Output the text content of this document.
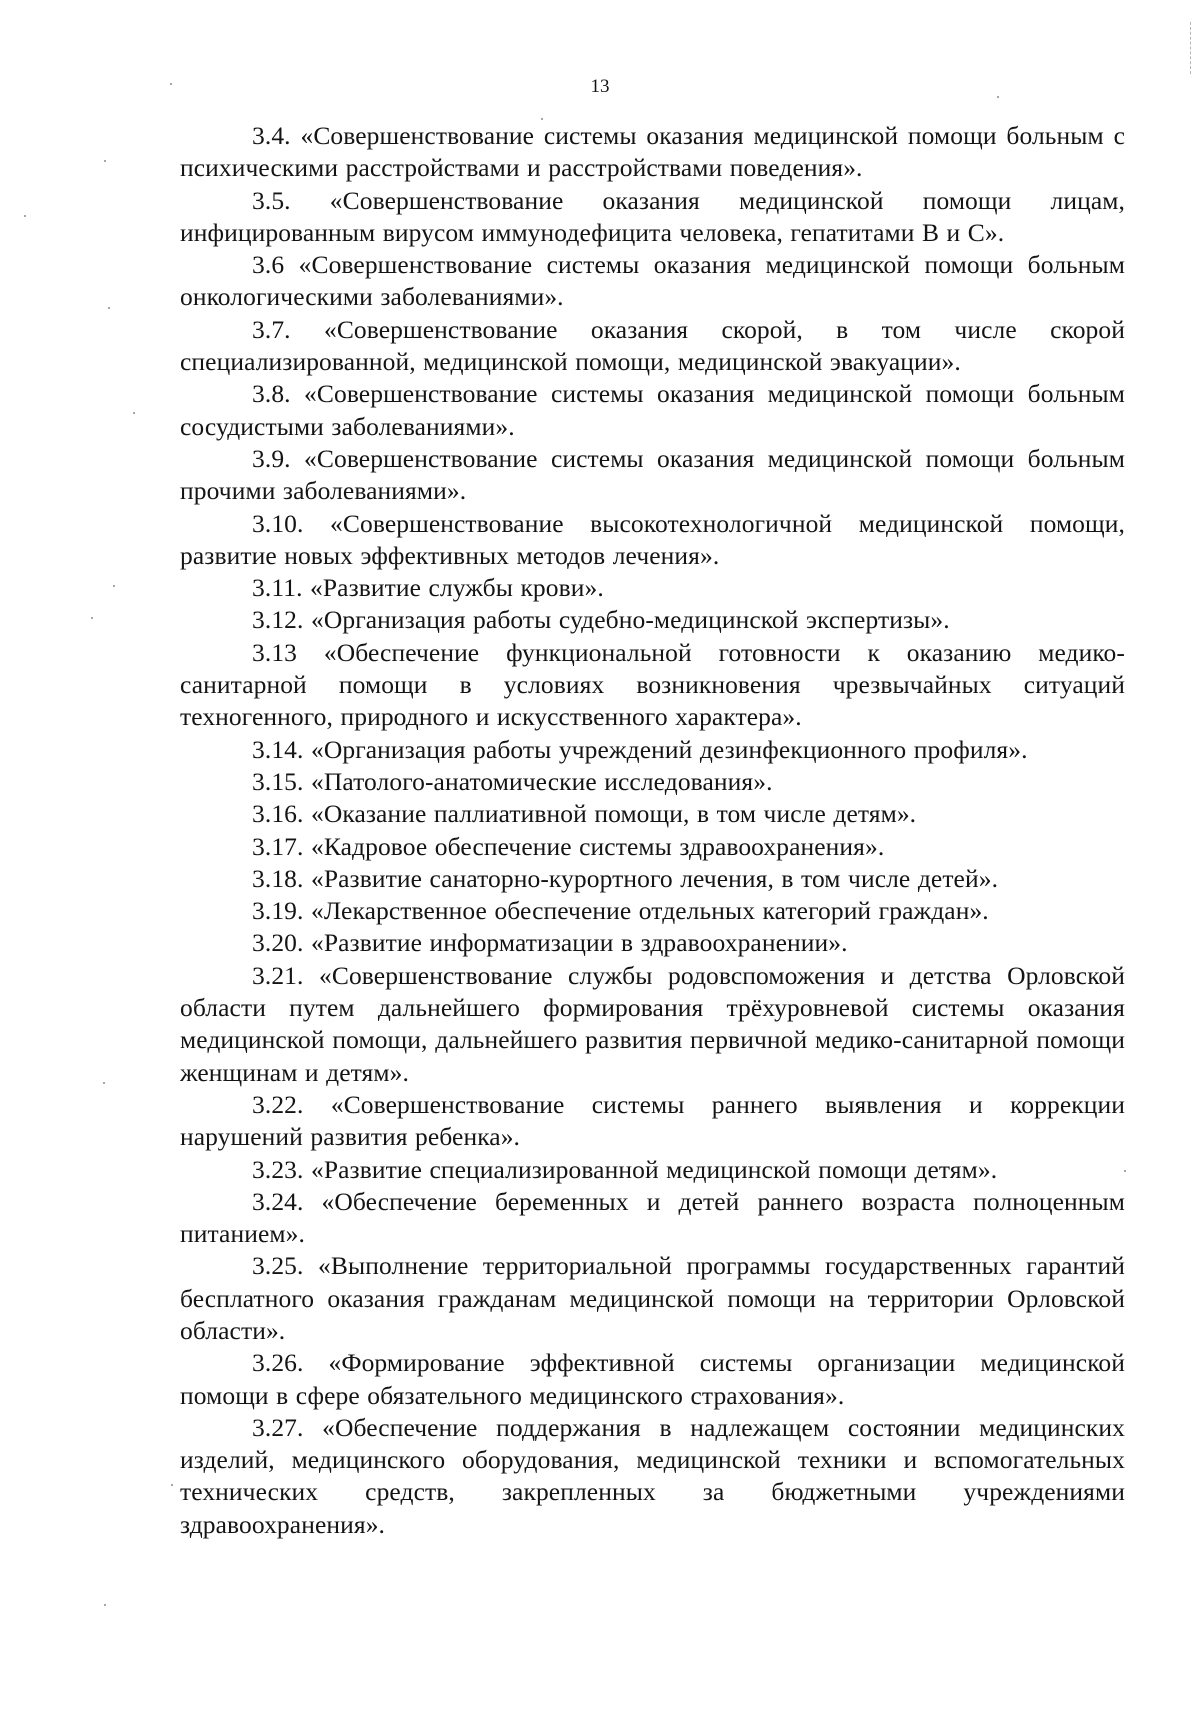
13

3.4. «Совершенствование системы оказания медицинской помощи больным с психическими расстройствами и расстройствами поведения».

3.5. «Совершенствование оказания медицинской помощи лицам, инфицированным вирусом иммунодефицита человека, гепатитами В и С».

3.6 «Совершенствование системы оказания медицинской помощи больным онкологическими заболеваниями».

3.7. «Совершенствование оказания скорой, в том числе скорой специализированной, медицинской помощи, медицинской эвакуации».

3.8. «Совершенствование системы оказания медицинской помощи больным сосудистыми заболеваниями».

3.9. «Совершенствование системы оказания медицинской помощи больным прочими заболеваниями».

3.10. «Совершенствование высокотехнологичной медицинской помощи, развитие новых эффективных методов лечения».

3.11. «Развитие службы крови».

3.12. «Организация работы судебно-медицинской экспертизы».

3.13 «Обеспечение функциональной готовности к оказанию медико-санитарной помощи в условиях возникновения чрезвычайных ситуаций техногенного, природного и искусственного характера».

3.14. «Организация работы учреждений дезинфекционного профиля».

3.15. «Патолого-анатомические исследования».

3.16. «Оказание паллиативной помощи, в том числе детям».

3.17. «Кадровое обеспечение системы здравоохранения».

3.18. «Развитие санаторно-курортного лечения, в том числе детей».

3.19. «Лекарственное обеспечение отдельных категорий граждан».

3.20. «Развитие информатизации в здравоохранении».

3.21. «Совершенствование службы родовспоможения и детства Орловской области путем дальнейшего формирования трёхуровневой системы оказания медицинской помощи, дальнейшего развития первичной медико-санитарной помощи женщинам и детям».

3.22. «Совершенствование системы раннего выявления и коррекции нарушений развития ребенка».

3.23. «Развитие специализированной медицинской помощи детям».

3.24. «Обеспечение беременных и детей раннего возраста полноценным питанием».

3.25. «Выполнение территориальной программы государственных гарантий бесплатного оказания гражданам медицинской помощи на территории Орловской области».

3.26. «Формирование эффективной системы организации медицинской помощи в сфере обязательного медицинского страхования».

3.27. «Обеспечение поддержания в надлежащем состоянии медицинских изделий, медицинского оборудования, медицинской техники и вспомогательных технических средств, закрепленных за бюджетными учреждениями здравоохранения».
